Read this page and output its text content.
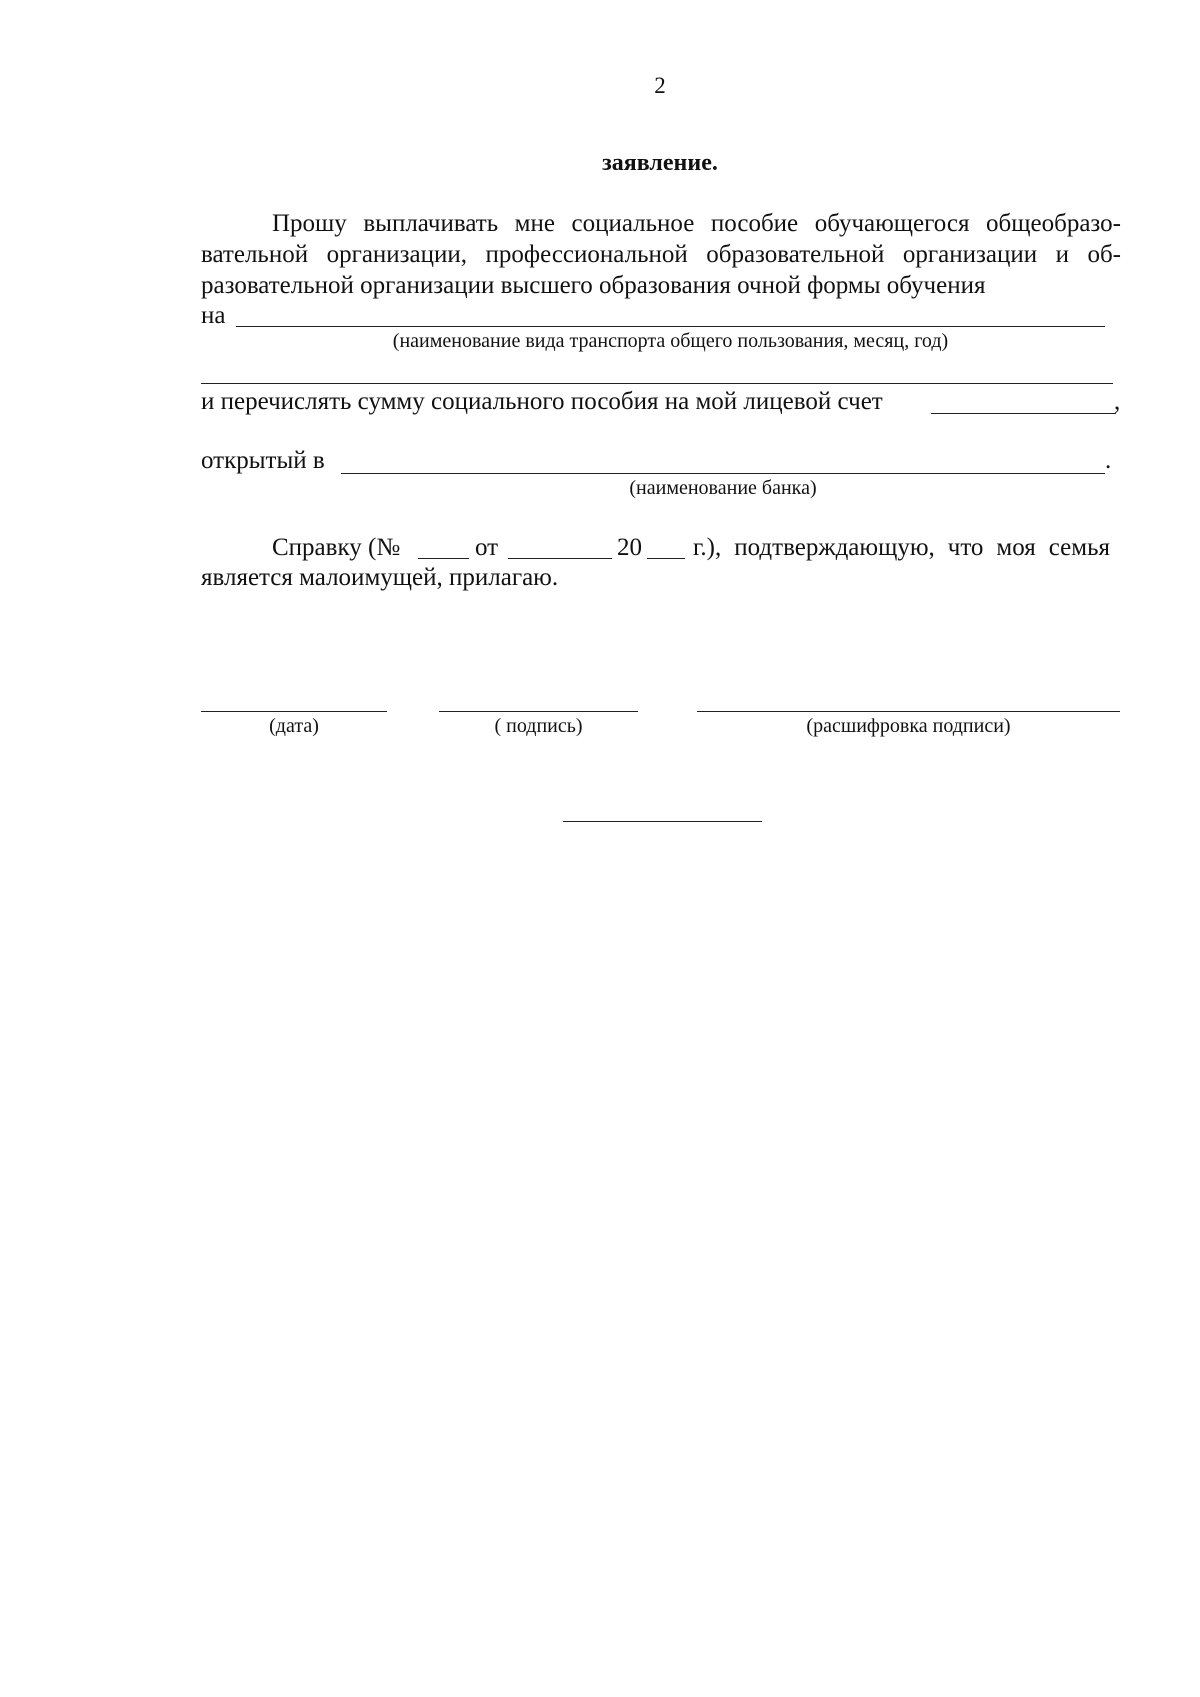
2
заявление.
Прошу выплачивать мне социальное пособие обучающегося общеобразо-
вательной организации, профессиональной образовательной организации и об-
разовательной организации высшего образования очной формы обучения
на
(наименование вида транспорта общего пользования, месяц, год)
и перечислять сумму социального пособия на мой лицевой счет	,
открытый в	.
(наименование банка)
Справку (№	от	20	г.), подтверждающую, что моя семья
является малоимущей, прилагаю.
(дата)	( подпись)	(расшифровка подписи)
